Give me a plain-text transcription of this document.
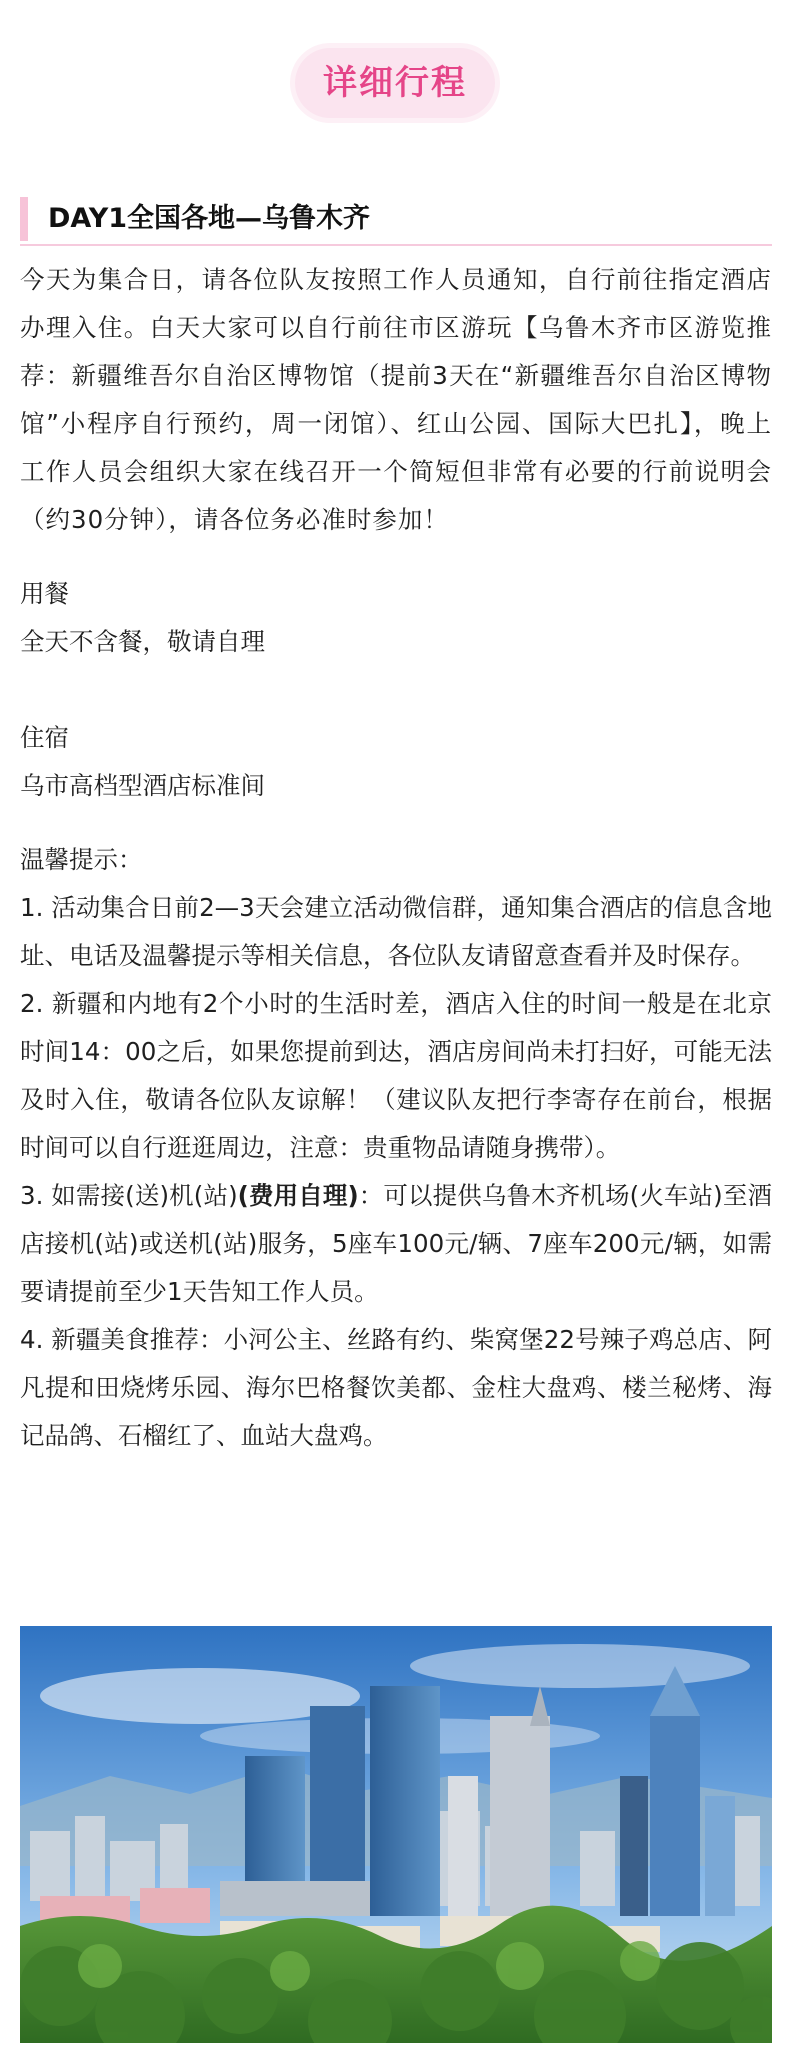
详细行程
DAY1全国各地—乌鲁木齐

今天为集合日，请各位队友按照工作人员通知，自行前往指定酒店办理入住。白天大家可以自行前往市区游玩【乌鲁木齐市区游览推荐：新疆维吾尔自治区博物馆（提前3天在“新疆维吾尔自治区博物馆”小程序自行预约，周一闭馆）、红山公园、国际大巴扎】，晚上工作人员会组织大家在线召开一个简短但非常有必要的行前说明会（约30分钟），请各位务必准时参加！

用餐

全天不含餐，敬请自理

住宿

乌市高档型酒店标准间

温馨提示：

1. 活动集合日前2—3天会建立活动微信群，通知集合酒店的信息含地址、电话及温馨提示等相关信息，各位队友请留意查看并及时保存。

2. 新疆和内地有2个小时的生活时差，酒店入住的时间一般是在北京时间14：00之后，如果您提前到达，酒店房间尚未打扫好，可能无法及时入住，敬请各位队友谅解！（建议队友把行李寄存在前台，根据时间可以自行逛逛周边，注意：贵重物品请随身携带）。

3. 如需接(送)机(站)(费用自理)：可以提供乌鲁木齐机场(火车站)至酒店接机(站)或送机(站)服务，5座车100元/辆、7座车200元/辆，如需要请提前至少1天告知工作人员。

4. 新疆美食推荐：小河公主、丝路有约、柴窝堡22号辣子鸡总店、阿凡提和田烧烤乐园、海尔巴格餐饮美都、金柱大盘鸡、楼兰秘烤、海记品鸽、石榴红了、血站大盘鸡。
